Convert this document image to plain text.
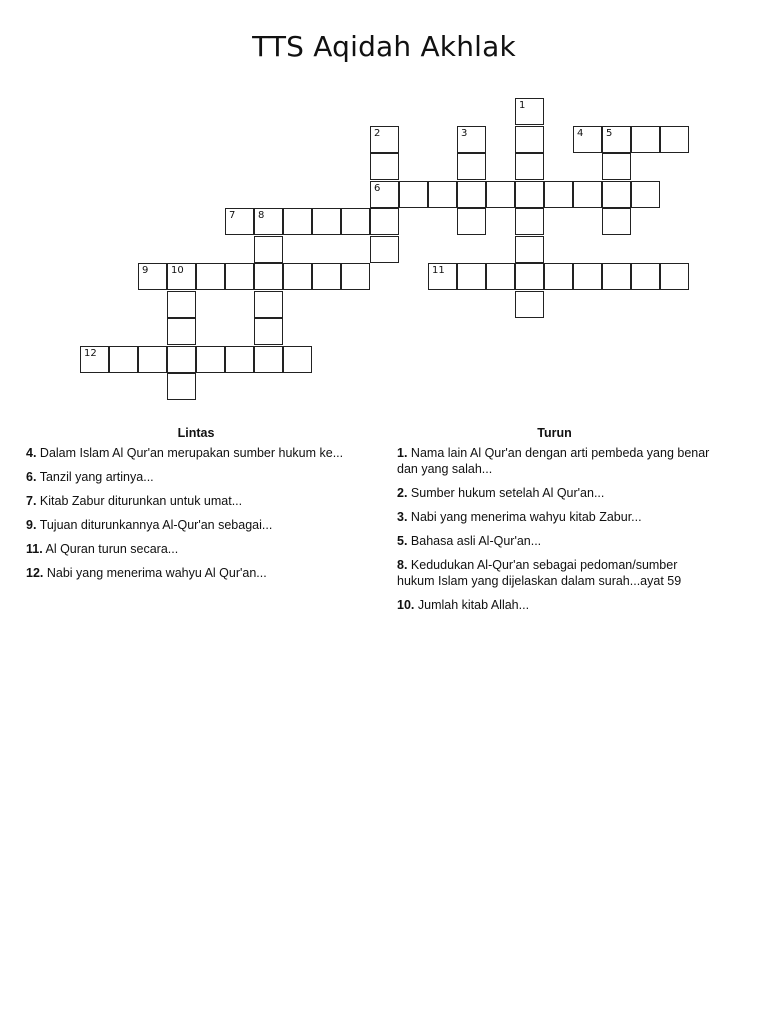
TTS Aqidah Akhlak
1
2	3	4 5
6
7 8
9 10	11
12
Lintas
4. Dalam Islam Al Qur'an merupakan sumber hukum ke...
6. Tanzil yang artinya...
7. Kitab Zabur diturunkan untuk umat...
9. Tujuan diturunkannya Al-Qur'an sebagai...
11. Al Quran turun secara...
12. Nabi yang menerima wahyu Al Qur'an...
Turun
1. Nama lain Al Qur'an dengan arti pembeda yang benar dan yang salah...
2. Sumber hukum setelah Al Qur'an...
3. Nabi yang menerima wahyu kitab Zabur...
5. Bahasa asli Al-Qur'an...
8. Kedudukan Al-Qur'an sebagai pedoman/sumber hukum Islam yang dijelaskan dalam surah...ayat 59
10. Jumlah kitab Allah...
